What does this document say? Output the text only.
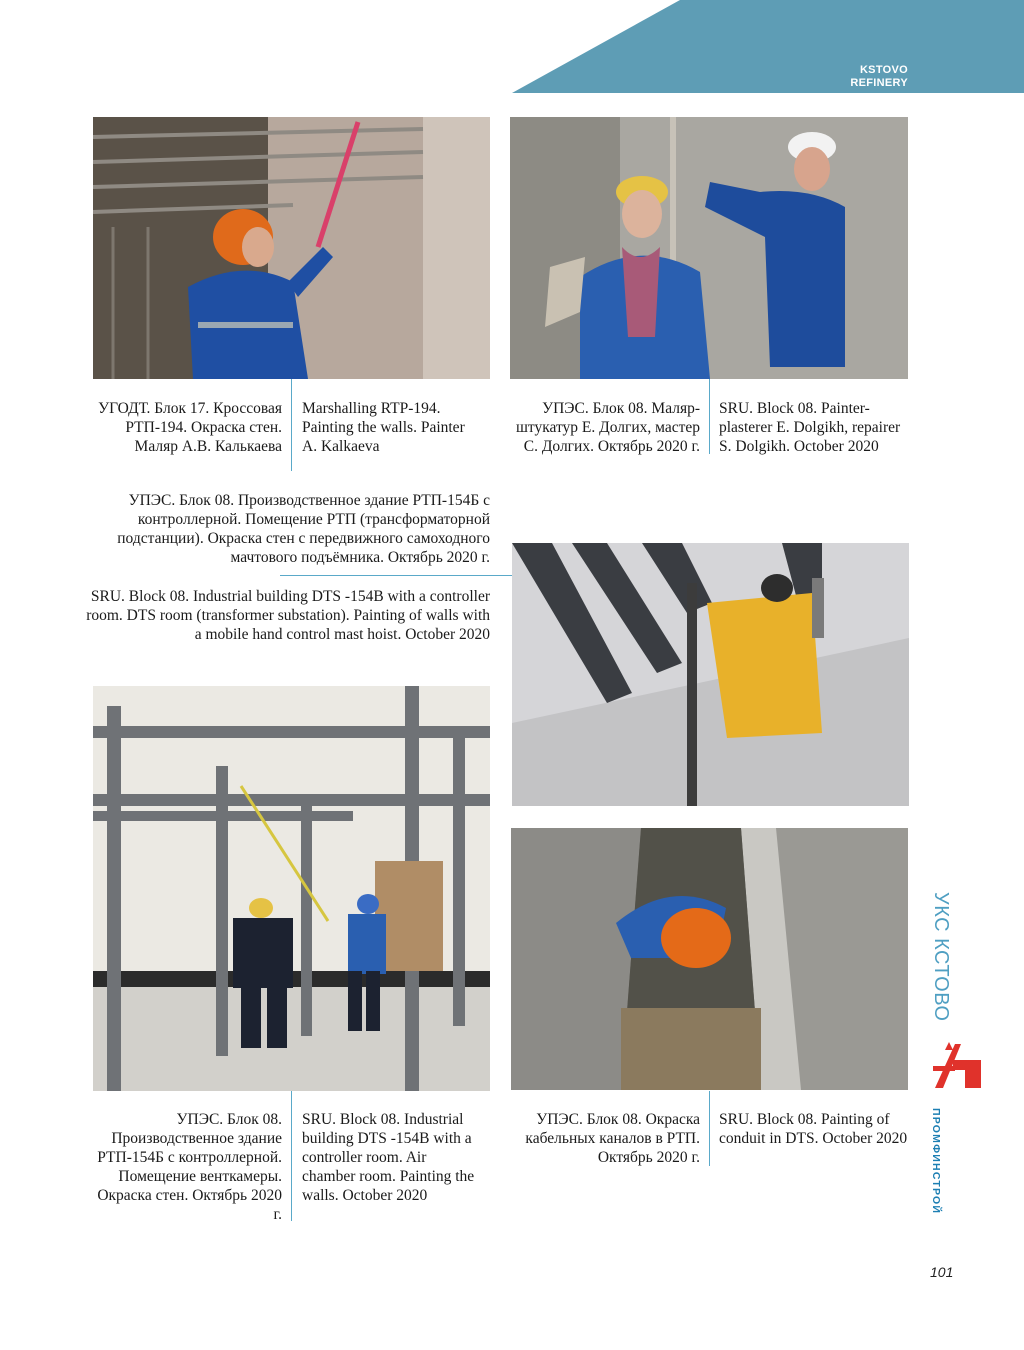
KSTOVO
REFINERY
УГОДТ. Блок 17. Кроссовая РТП-194. Окраска стен. Маляр А.В. Калькаева
Marshalling RTP-194. Painting the walls. Painter A. Kalkaeva
УПЭС. Блок 08. Маляр-штукатур Е. Долгих, мастер С. Долгих. Октябрь 2020 г.
SRU. Block 08. Painter-plasterer E. Dolgikh, repairer S. Dolgikh. October 2020
УПЭС. Блок 08. Производственное здание РТП-154Б с контроллерной. Помещение РТП (трансформаторной подстанции). Окраска стен с передвижного самоходного мачтового подъёмника. Октябрь 2020 г.
SRU. Block 08. Industrial building DTS -154B with a controller room. DTS room (transformer substation). Painting of walls with a mobile hand control mast hoist. October 2020
УПЭС. Блок 08. Производственное здание РТП-154Б с контроллерной. Помещение венткамеры. Окраска стен. Октябрь 2020 г.
SRU. Block 08. Industrial building DTS -154B with a controller room. Air chamber room. Painting the walls. October 2020
УПЭС. Блок 08. Окраска кабельных каналов в РТП. Октябрь 2020 г.
SRU. Block 08. Painting of conduit in DTS. October 2020
УКС КСТОВО
ПРОМФИНСТРОЙ
101
